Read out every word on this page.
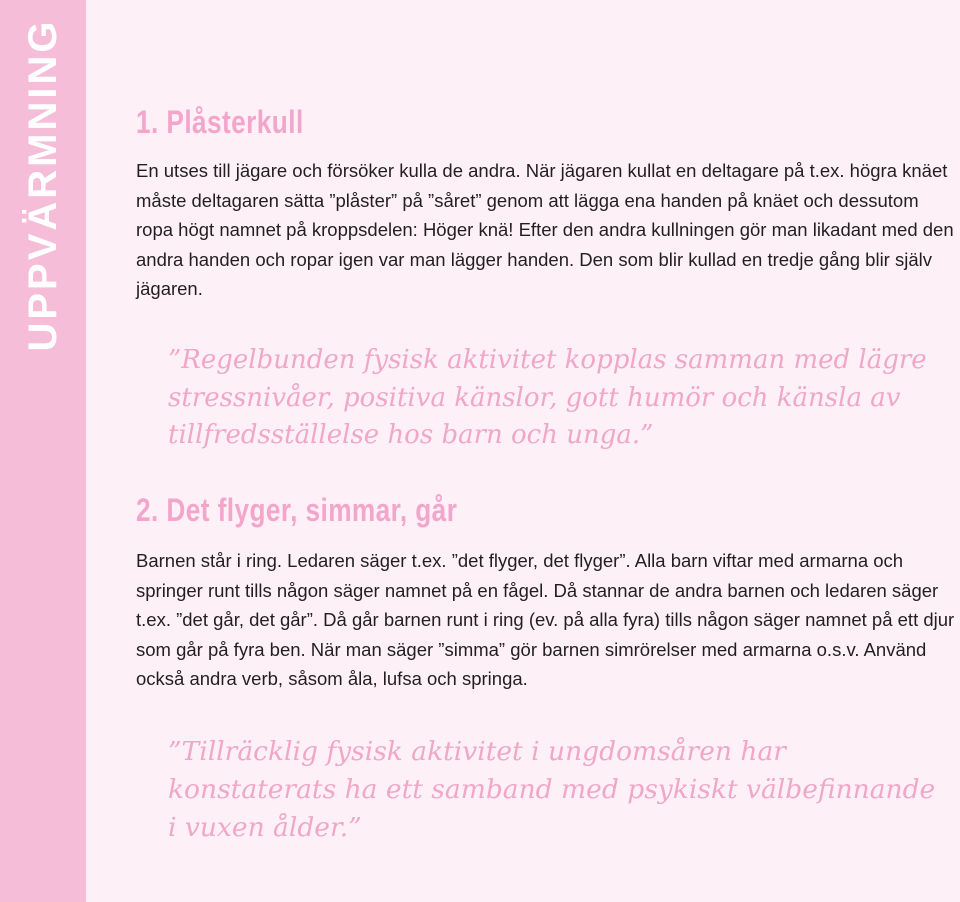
UPPVÄRMNING 1. Plåsterkull

En utses till jägare och försöker kulla de andra. När jägaren kullat en deltagare på t.ex. högra knäet måste deltagaren sätta ”plåster” på ”såret” genom att lägga ena handen på knäet och dessutom ropa högt namnet på kroppsdelen: Höger knä! Efter den andra kullningen gör man likadant med den andra handen och ropar igen var man lägger handen. Den som blir kullad en tredje gång blir själv jägaren.

”Regelbunden fysisk aktivitet kopplas samman med lägre stressnivåer, positiva känslor, gott humör och känsla av tillfredsställelse hos barn och unga.”

2. Det flyger, simmar, går

Barnen står i ring. Ledaren säger t.ex. ”det flyger, det flyger”. Alla barn viftar med armarna och springer runt tills någon säger namnet på en fågel. Då stannar de andra barnen och ledaren säger t.ex. ”det går, det går”. Då går barnen runt i ring (ev. på alla fyra) tills någon säger namnet på ett djur som går på fyra ben. När man säger ”simma” gör barnen simrörelser med armarna o.s.v. Använd också andra verb, såsom åla, lufsa och springa.

”Tillräcklig fysisk aktivitet i ungdomsåren har konstaterats ha ett samband med psykiskt välbefinnande i vuxen ålder.”
